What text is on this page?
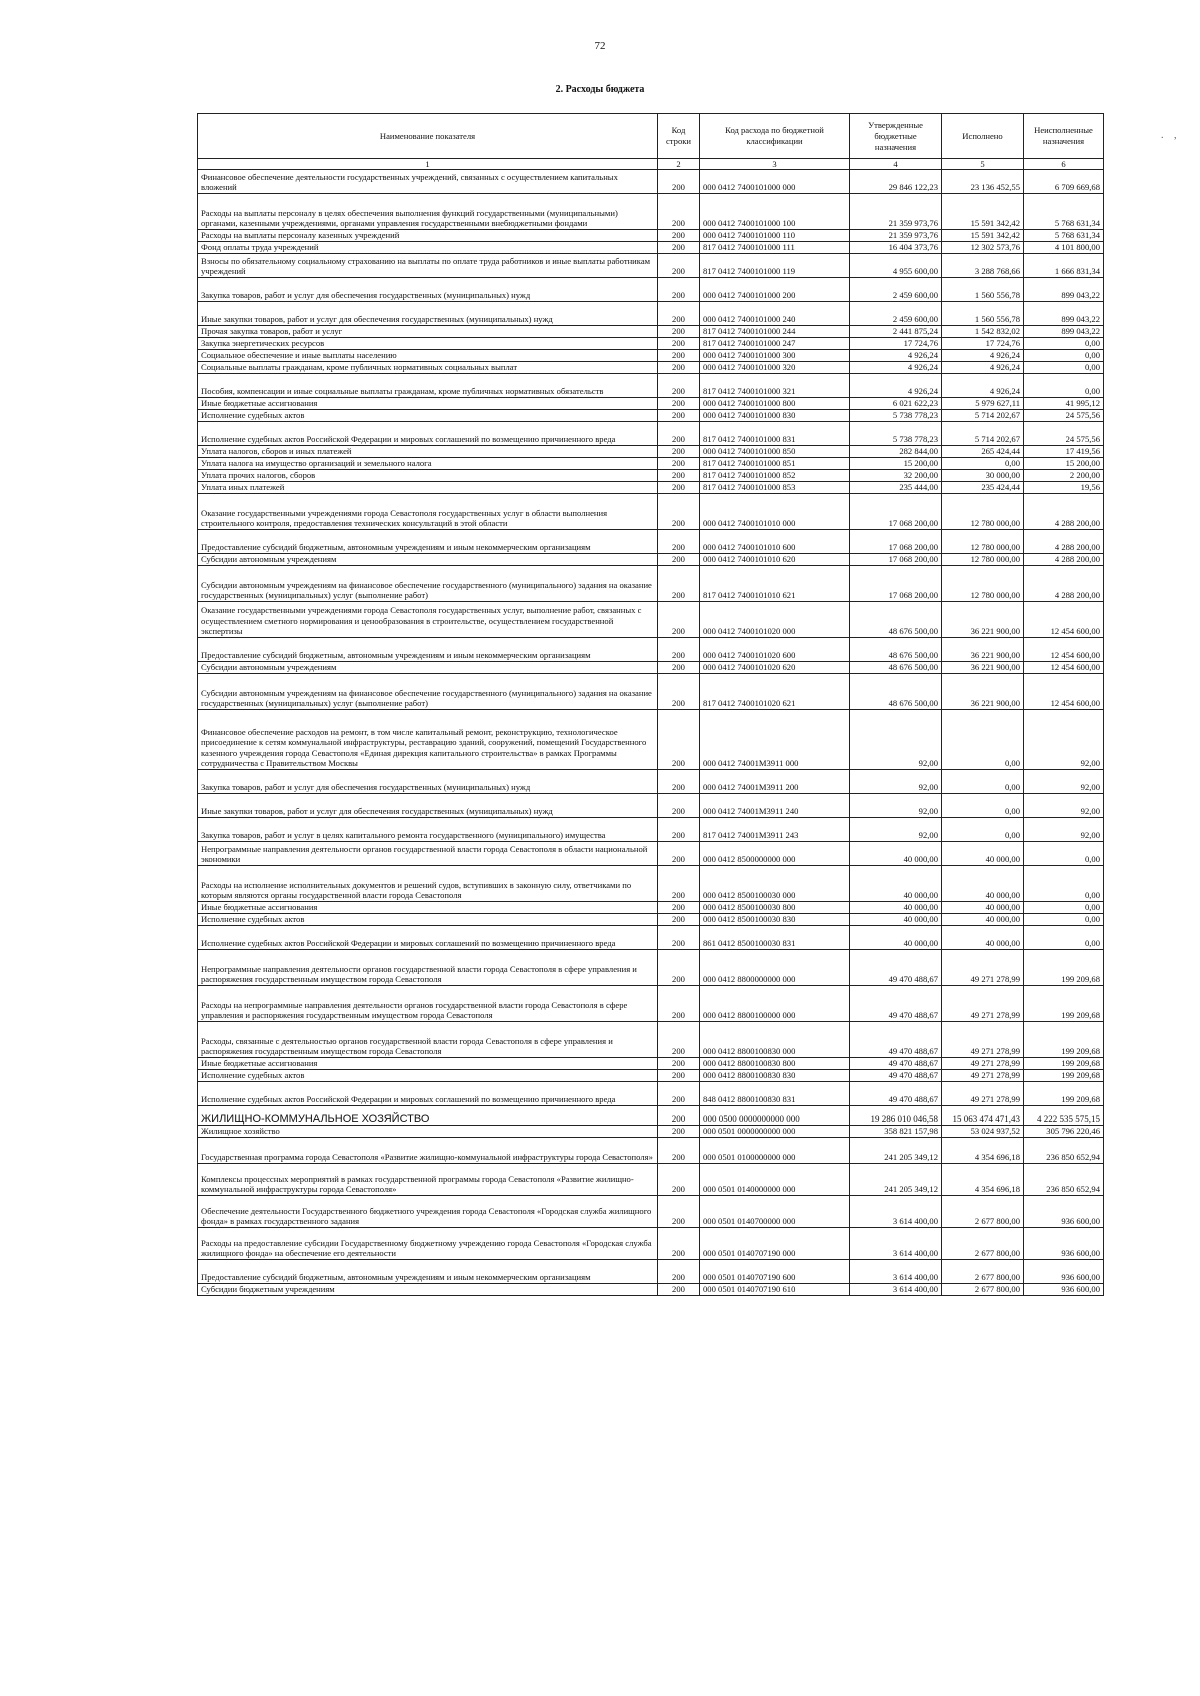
72
2. Расходы бюджета
. ,
Наименование показателя	Код строки	Код расхода по бюджетной классификации	Утвержденные бюджетные назначения	Исполнено	Неисполненные назначения
1	2	3	4	5	6
Финансовое обеспечение деятельности государственных учреждений, связанных с осуществлением капитальных вложений	200	000 0412 7400101000 000	29 846 122,23	23 136 452,55	6 709 669,68
Расходы на выплаты персоналу в целях обеспечения выполнения функций государственными (муниципальными) органами, казенными учреждениями, органами управления государственными внебюджетными фондами	200	000 0412 7400101000 100	21 359 973,76	15 591 342,42	5 768 631,34
Расходы на выплаты персоналу казенных учреждений	200	000 0412 7400101000 110	21 359 973,76	15 591 342,42	5 768 631,34
Фонд оплаты труда учреждений	200	817 0412 7400101000 111	16 404 373,76	12 302 573,76	4 101 800,00
Взносы по обязательному социальному страхованию на выплаты по оплате труда работников и иные выплаты работникам учреждений	200	817 0412 7400101000 119	4 955 600,00	3 288 768,66	1 666 831,34
Закупка товаров, работ и услуг для обеспечения государственных (муниципальных) нужд	200	000 0412 7400101000 200	2 459 600,00	1 560 556,78	899 043,22
Иные закупки товаров, работ и услуг для обеспечения государственных (муниципальных) нужд	200	000 0412 7400101000 240	2 459 600,00	1 560 556,78	899 043,22
Прочая закупка товаров, работ и услуг	200	817 0412 7400101000 244	2 441 875,24	1 542 832,02	899 043,22
Закупка энергетических ресурсов	200	817 0412 7400101000 247	17 724,76	17 724,76	0,00
Социальное обеспечение и иные выплаты населению	200	000 0412 7400101000 300	4 926,24	4 926,24	0,00
Социальные выплаты гражданам, кроме публичных нормативных социальных выплат	200	000 0412 7400101000 320	4 926,24	4 926,24	0,00
Пособия, компенсации и иные социальные выплаты гражданам, кроме публичных нормативных обязательств	200	817 0412 7400101000 321	4 926,24	4 926,24	0,00
Иные бюджетные ассигнования	200	000 0412 7400101000 800	6 021 622,23	5 979 627,11	41 995,12
Исполнение судебных актов	200	000 0412 7400101000 830	5 738 778,23	5 714 202,67	24 575,56
Исполнение судебных актов Российской Федерации и мировых соглашений по возмещению причиненного вреда	200	817 0412 7400101000 831	5 738 778,23	5 714 202,67	24 575,56
Уплата налогов, сборов и иных платежей	200	000 0412 7400101000 850	282 844,00	265 424,44	17 419,56
Уплата налога на имущество организаций и земельного налога	200	817 0412 7400101000 851	15 200,00	0,00	15 200,00
Уплата прочих налогов, сборов	200	817 0412 7400101000 852	32 200,00	30 000,00	2 200,00
Уплата иных платежей	200	817 0412 7400101000 853	235 444,00	235 424,44	19,56
Оказание государственными учреждениями города Севастополя государственных услуг в области выполнения строительного контроля, предоставления технических консультаций в этой области	200	000 0412 7400101010 000	17 068 200,00	12 780 000,00	4 288 200,00
Предоставление субсидий бюджетным, автономным учреждениям и иным некоммерческим организациям	200	000 0412 7400101010 600	17 068 200,00	12 780 000,00	4 288 200,00
Субсидии автономным учреждениям	200	000 0412 7400101010 620	17 068 200,00	12 780 000,00	4 288 200,00
Субсидии автономным учреждениям на финансовое обеспечение государственного (муниципального) задания на оказание государственных (муниципальных) услуг (выполнение работ)	200	817 0412 7400101010 621	17 068 200,00	12 780 000,00	4 288 200,00
Оказание государственными учреждениями города Севастополя государственных услуг, выполнение работ, связанных с осуществлением сметного нормирования и ценообразования в строительстве, осуществлением государственной экспертизы	200	000 0412 7400101020 000	48 676 500,00	36 221 900,00	12 454 600,00
Предоставление субсидий бюджетным, автономным учреждениям и иным некоммерческим организациям	200	000 0412 7400101020 600	48 676 500,00	36 221 900,00	12 454 600,00
Субсидии автономным учреждениям	200	000 0412 7400101020 620	48 676 500,00	36 221 900,00	12 454 600,00
Субсидии автономным учреждениям на финансовое обеспечение государственного (муниципального) задания на оказание государственных (муниципальных) услуг (выполнение работ)	200	817 0412 7400101020 621	48 676 500,00	36 221 900,00	12 454 600,00
Финансовое обеспечение расходов на ремонт, в том числе капитальный ремонт, реконструкцию, технологическое присоединение к сетям коммунальной инфраструктуры, реставрацию зданий, сооружений, помещений Государственного казенного учреждения города Севастополя «Единая дирекция капитального строительства» в рамках Программы сотрудничества с Правительством Москвы	200	000 0412 74001M3911 000	92,00	0,00	92,00
Закупка товаров, работ и услуг для обеспечения государственных (муниципальных) нужд	200	000 0412 74001M3911 200	92,00	0,00	92,00
Иные закупки товаров, работ и услуг для обеспечения государственных (муниципальных) нужд	200	000 0412 74001M3911 240	92,00	0,00	92,00
Закупка товаров, работ и услуг в целях капитального ремонта государственного (муниципального) имущества	200	817 0412 74001M3911 243	92,00	0,00	92,00
Непрограммные направления деятельности органов государственной власти города Севастополя в области национальной экономики	200	000 0412 8500000000 000	40 000,00	40 000,00	0,00
Расходы на исполнение исполнительных документов и решений судов, вступивших в законную силу, ответчиками по которым являются органы государственной власти города Севастополя	200	000 0412 8500100030 000	40 000,00	40 000,00	0,00
Иные бюджетные ассигнования	200	000 0412 8500100030 800	40 000,00	40 000,00	0,00
Исполнение судебных актов	200	000 0412 8500100030 830	40 000,00	40 000,00	0,00
Исполнение судебных актов Российской Федерации и мировых соглашений по возмещению причиненного вреда	200	861 0412 8500100030 831	40 000,00	40 000,00	0,00
Непрограммные направления деятельности органов государственной власти города Севастополя в сфере управления и распоряжения государственным имуществом города Севастополя	200	000 0412 8800000000 000	49 470 488,67	49 271 278,99	199 209,68
Расходы на непрограммные направления деятельности органов государственной власти города Севастополя в сфере управления и распоряжения государственным имуществом города Севастополя	200	000 0412 8800100000 000	49 470 488,67	49 271 278,99	199 209,68
Расходы, связанные с деятельностью органов государственной власти города Севастополя в сфере управления и распоряжения государственным имуществом города Севастополя	200	000 0412 8800100830 000	49 470 488,67	49 271 278,99	199 209,68
Иные бюджетные ассигнования	200	000 0412 8800100830 800	49 470 488,67	49 271 278,99	199 209,68
Исполнение судебных актов	200	000 0412 8800100830 830	49 470 488,67	49 271 278,99	199 209,68
Исполнение судебных актов Российской Федерации и мировых соглашений по возмещению причиненного вреда	200	848 0412 8800100830 831	49 470 488,67	49 271 278,99	199 209,68
ЖИЛИЩНО-КОММУНАЛЬНОЕ ХОЗЯЙСТВО	200	000 0500 0000000000 000	19 286 010 046,58	15 063 474 471,43	4 222 535 575,15
Жилищное хозяйство	200	000 0501 0000000000 000	358 821 157,98	53 024 937,52	305 796 220,46
Государственная программа города Севастополя «Развитие жилищно-коммунальной инфраструктуры города Севастополя»	200	000 0501 0100000000 000	241 205 349,12	4 354 696,18	236 850 652,94
Комплексы процессных мероприятий в рамках государственной программы города Севастополя «Развитие жилищно-коммунальной инфраструктуры города Севастополя»	200	000 0501 0140000000 000	241 205 349,12	4 354 696,18	236 850 652,94
Обеспечение деятельности Государственного бюджетного учреждения города Севастополя «Городская служба жилищного фонда» в рамках государственного задания	200	000 0501 0140700000 000	3 614 400,00	2 677 800,00	936 600,00
Расходы на предоставление субсидии Государственному бюджетному учреждению города Севастополя «Городская служба жилищного фонда» на обеспечение его деятельности	200	000 0501 0140707190 000	3 614 400,00	2 677 800,00	936 600,00
Предоставление субсидий бюджетным, автономным учреждениям и иным некоммерческим организациям	200	000 0501 0140707190 600	3 614 400,00	2 677 800,00	936 600,00
Субсидии бюджетным учреждениям	200	000 0501 0140707190 610	3 614 400,00	2 677 800,00	936 600,00
